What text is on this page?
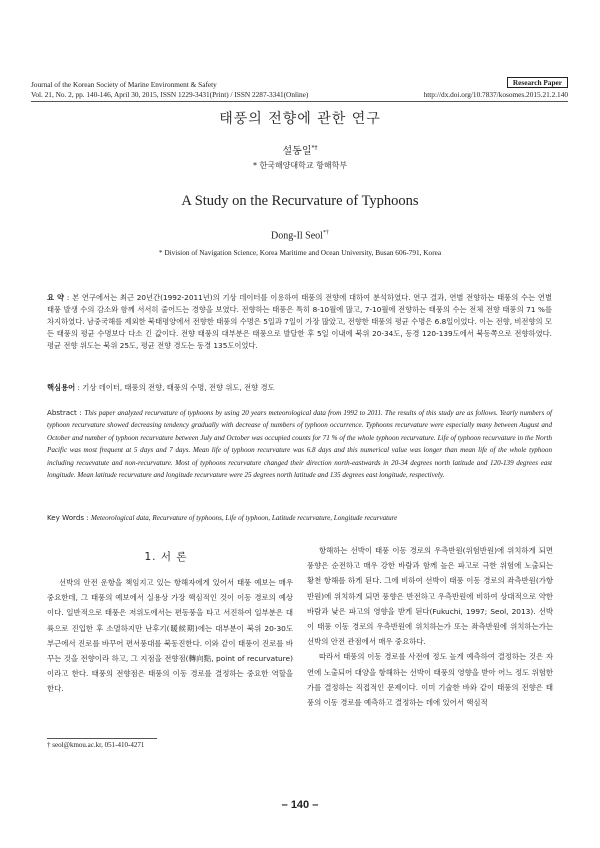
Journal of the Korean Society of Marine Environment & Safety
Vol. 21, No. 2, pp. 140-146, April 30, 2015, ISSN 1229-3431(Print) / ISSN 2287-3341(Online)
Research Paper
http://dx.doi.org/10.7837/kosomes.2015.21.2.140
태풍의 전향에 관한 연구
설동일*†
* 한국해양대학교 항해학부
A Study on the Recurvature of Typhoons
Dong-Il Seol*†
* Division of Navigation Science, Korea Maritime and Ocean University, Busan 606-791, Korea
요 약 : 본 연구에서는 최근 20년간(1992-2011년)의 기상 데이터를 이용하여 태풍의 전향에 대하여 분석하였다. 연구 결과, 연별 전향하는 태풍의 수는 연별 태풍 발생 수의 감소와 함께 서서히 줄어드는 경향을 보였다. 전향하는 태풍은 특히 8-10월에 많고, 7-10월에 전향하는 태풍의 수는 전체 전향 태풍의 71 %를 차지하였다. 남중국해를 제외한 북태평양에서 전향한 태풍의 수명은 5일과 7일이 가장 많았고, 전향한 태풍의 평균 수명은 6.8일이었다. 이는 전향, 비전향의 모든 태풍의 평균 수명보다 다소 긴 값이다. 전향 태풍의 대부분은 태풍으로 발달한 후 5일 이내에 북위 20-34도, 동경 120-139도에서 북동쪽으로 전향하였다. 평균 전향 위도는 북위 25도, 평균 전향 경도는 동경 135도이었다.
핵심용어 : 기상 데이터, 태풍의 전향, 태풍의 수명, 전향 위도, 전향 경도
Abstract : This paper analyzed recurvature of typhoons by using 20 years meteorological data from 1992 to 2011. The results of this study are as follows. Yearly numbers of typhoon recurvature showed decreasing tendency gradually with decrease of numbers of typhoon occurrence. Typhoons recurvature were especially many between August and October and number of typhoon recurvature between July and October was occupied counts for 71 % of the whole typhoon recurvature. Life of typhoon recurvature in the North Pacific was most frequent at 5 days and 7 days. Mean life of typhoon recurvature was 6.8 days and this numerical value was longer than mean life of the whole typhoon including recuevatute and non-recurvature. Most of typhoons recurvature changed their direction north-eastwards in 20-34 degrees north latitude and 120-139 degrees east longitude. Mean latitude recurvature and longitude recurvature were 25 degrees north latitude and 135 degrees east longitude, respectively.
Key Words : Meteorological data, Recurvature of typhoons, Life of typhoon, Latitude recurvature, Longitude recurvature
1. 서 론

선박의 안전 운항을 책임지고 있는 항해자에게 있어서 태풍 예보는 매우 중요한데, 그 태풍의 예보에서 실용상 가장 핵심적인 것이 이동 경로의 예상이다. 일반적으로 태풍은 저위도에서는 편동풍을 타고 서진하여 일부분은 대륙으로 진입한 후 소멸하지만 난후기(暖候期)에는 대부분이 북위 20-30도 부근에서 진로를 바꾸어 편서풍대를 북동진한다. 이와 같이 태풍이 진로를 바꾸는 것을 전향이라 하고, 그 지점을 전향점(轉向點, point of recurvature)이라고 한다. 태풍의 전향점은 태풍의 이동 경로를 결정하는 중요한 역할을 한다.

항해하는 선박이 태풍 이동 경로의 우측반원(위험반원)에 위치하게 되면 풍향은 순전하고 매우 강한 바람과 함께 높은 파고로 극한 위험에 노출되는 황천 항해를 하게 된다. 그에 비하여 선박이 태풍 이동 경로의 좌측반원(가항반원)에 위치하게 되면 풍향은 반전하고 우측반원에 비하여 상대적으로 약한 바람과 낮은 파고의 영향을 받게 된다(Fukuchi, 1997; Seol, 2013). 선박이 태풍 이동 경로의 우측반원에 위치하는가 또는 좌측반원에 위치하는가는 선박의 안전 관점에서 매우 중요하다.

따라서 태풍의 이동 경로를 사전에 정도 높게 예측하여 결정하는 것은 자연에 노출되어 대양을 항해하는 선박이 태풍의 영향을 받아 어느 정도 위험한가를 결정하는 직접적인 문제이다. 이미 기술한 바와 같이 태풍의 전향은 태풍의 이동 경로를 예측하고 결정하는 데에 있어서 핵심적

† seol@kmou.ac.kr, 051-410-4271
– 140 –
